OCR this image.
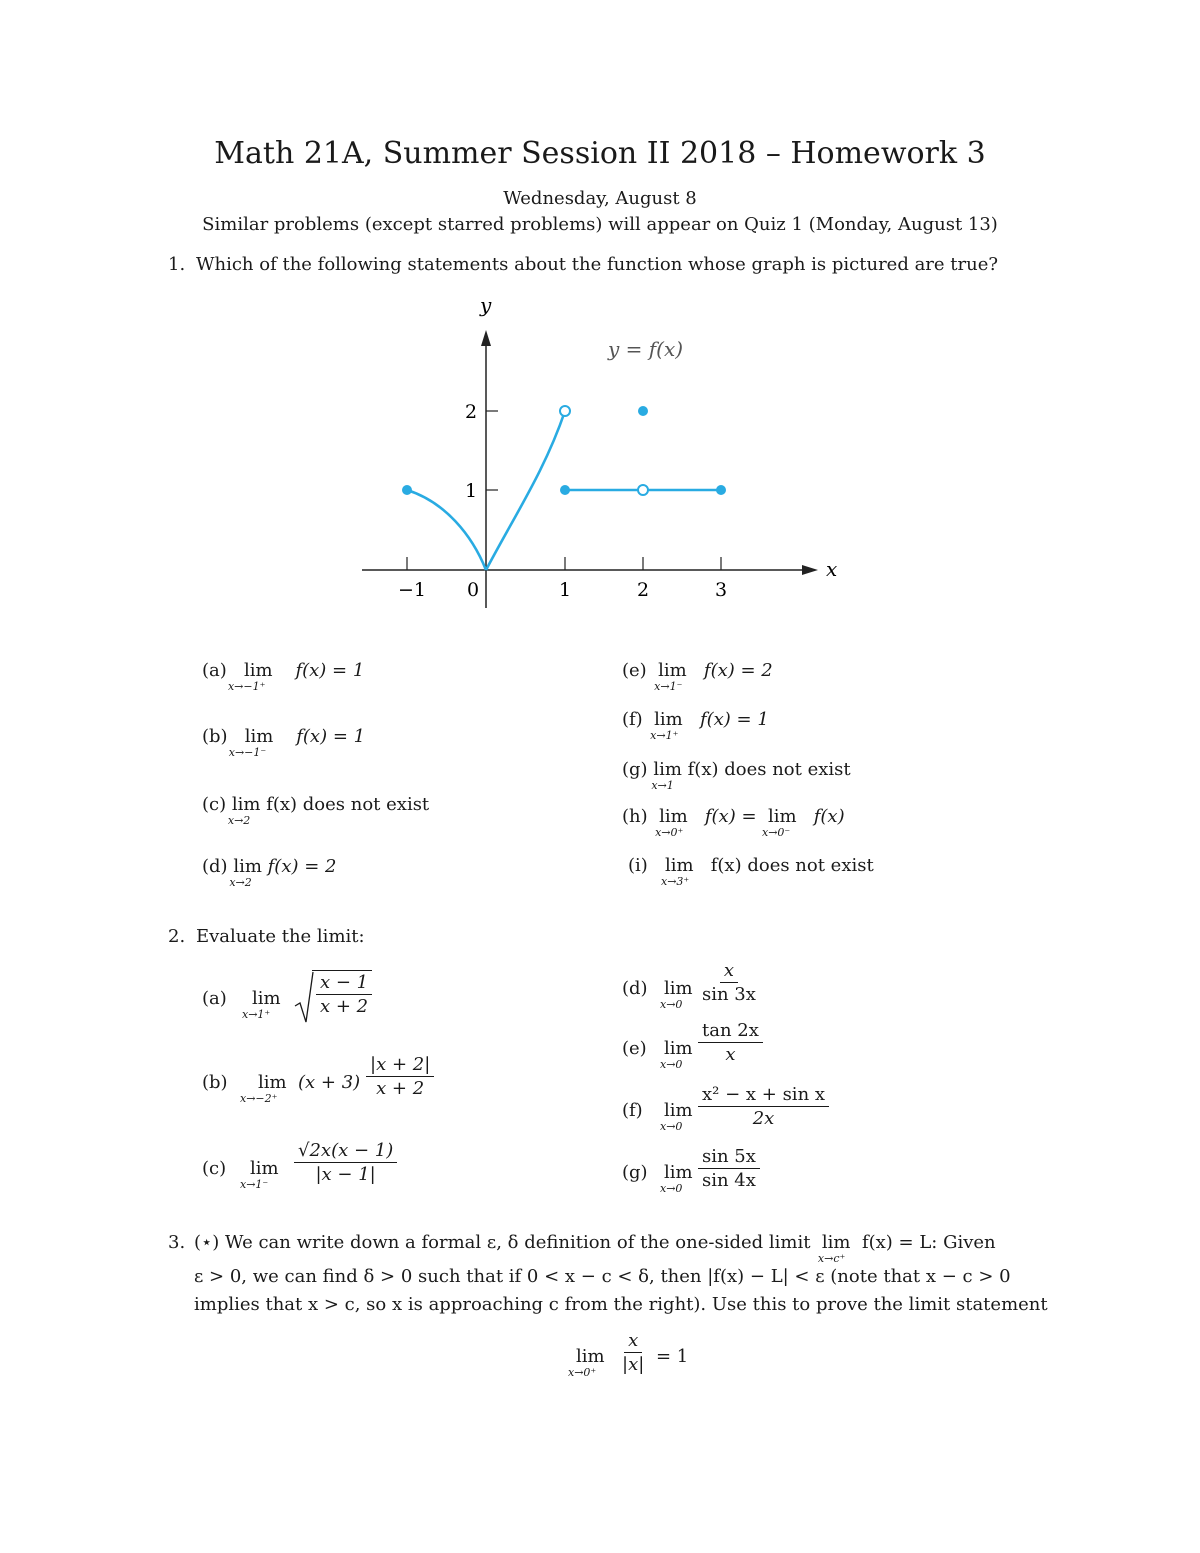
Math 21A, Summer Session II 2018 – Homework 3
Wednesday, August 8
Similar problems (except starred problems) will appear on Quiz 1 (Monday, August 13)
1. Which of the following statements about the function whose graph is pictured are true?
x
y
−1 0	1	2	3
1
2
y = f(x)
(a) lim
x→−1⁺
f(x) = 1
(b) lim
x→−1⁻
f(x) = 1
(c) lim
x→2
f(x) does not exist
(d) lim
x→2
f(x) = 2
(e) lim
x→1⁻
f(x) = 2
(f) lim
x→1⁺
f(x) = 1
(g) lim
x→1
f(x) does not exist
(h) lim
x→0⁺
f(x) = lim
x→0⁻
f(x)
(i) lim
x→3⁺
f(x) does not exist
2. Evaluate the limit:
(a) lim
x→1⁺	$\frac{x - 1}{x + 2}$
(b) lim
x→−2⁺
$(x + 3) \frac{|x + 2|}{x + 2}$
(c) lim
$x\to 1^- \frac{√2x(x - 1)}{|x - 1|}$
(d) lim
$x\to 0 \frac{x}{\sin 3x}$
(e) lim
$x\to 0 \frac{\tan 2x}{x}$
(f) lim
$x\to 0 \frac{\text{x² − x + sin x}}{2x}$
(g) lim
$x\to 0 \frac{\sin 5x}{\sin 4x}$
3. (⋆) We can write down a formal ε, δ definition of the one-sided limit lim
x→c⁺
f(x) = L: Given
ε > 0, we can find δ > 0 such that if 0 < x − c < δ, then |f(x) − L| < ε (note that x − c > 0
implies that x > c, so x is approaching c from the right). Use this to prove the limit statement
lim
$x\to 0^+ \frac{x}{|x|} = 1$
